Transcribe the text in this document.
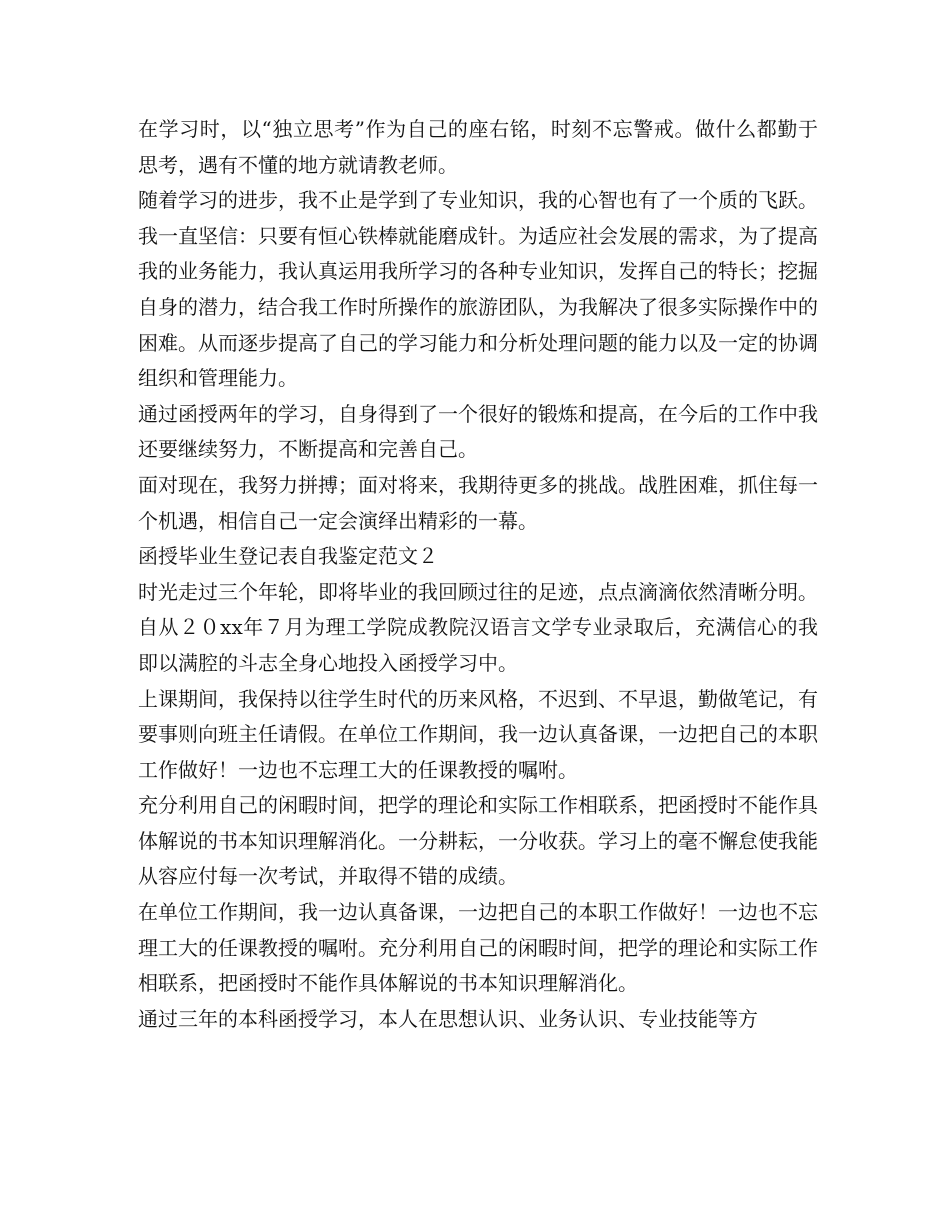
在学习时，以“独立思考”作为自己的座右铭，时刻不忘警戒。做什么都勤于思考，遇有不懂的地方就请教老师。

随着学习的进步，我不止是学到了专业知识，我的心智也有了一个质的飞跃。

我一直坚信：只要有恒心铁棒就能磨成针。为适应社会发展的需求，为了提高我的业务能力，我认真运用我所学习的各种专业知识，发挥自己的特长；挖掘自身的潜力，结合我工作时所操作的旅游团队，为我解决了很多实际操作中的困难。从而逐步提高了自己的学习能力和分析处理问题的能力以及一定的协调组织和管理能力。

通过函授两年的学习，自身得到了一个很好的锻炼和提高，在今后的工作中我还要继续努力，不断提高和完善自己。

面对现在，我努力拼搏；面对将来，我期待更多的挑战。战胜困难，抓住每一个机遇，相信自己一定会演绎出精彩的一幕。

函授毕业生登记表自我鉴定范文２

时光走过三个年轮，即将毕业的我回顾过往的足迹，点点滴滴依然清晰分明。

自从２０xx年７月为理工学院成教院汉语言文学专业录取后，充满信心的我即以满腔的斗志全身心地投入函授学习中。

上课期间，我保持以往学生时代的历来风格，不迟到、不早退，勤做笔记，有要事则向班主任请假。在单位工作期间，我一边认真备课，一边把自己的本职工作做好！一边也不忘理工大的任课教授的嘱咐。

充分利用自己的闲暇时间，把学的理论和实际工作相联系，把函授时不能作具体解说的书本知识理解消化。一分耕耘，一分收获。学习上的毫不懈怠使我能从容应付每一次考试，并取得不错的成绩。

在单位工作期间，我一边认真备课，一边把自己的本职工作做好！一边也不忘理工大的任课教授的嘱咐。充分利用自己的闲暇时间，把学的理论和实际工作相联系，把函授时不能作具体解说的书本知识理解消化。

通过三年的本科函授学习，本人在思想认识、业务认识、专业技能等方
